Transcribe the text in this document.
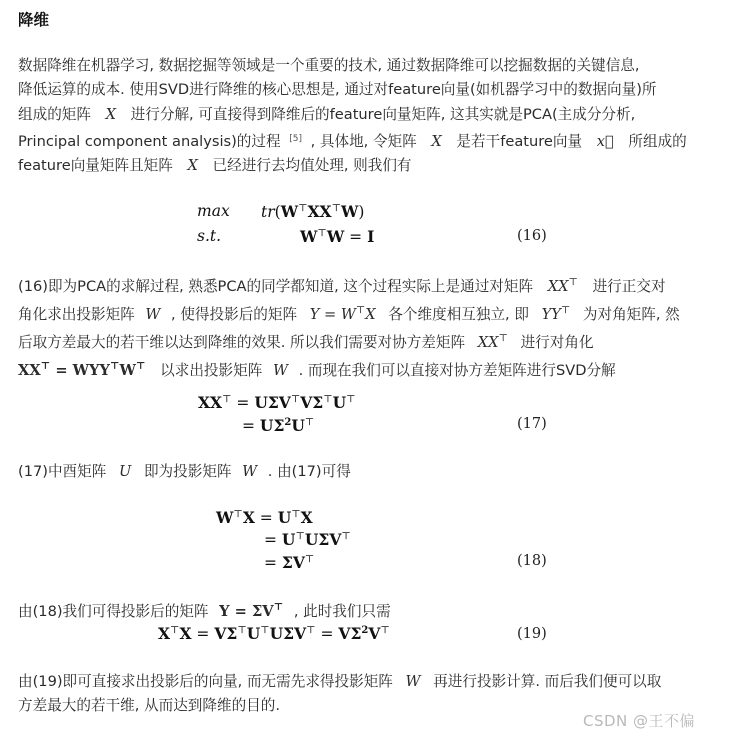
降维
数据降维在机器学习, 数据挖掘等领域是一个重要的技术, 通过数据降维可以挖掘数据的关键信息,
降低运算的成本. 使用SVD进行降维的核心思想是, 通过对feature向量(如机器学习中的数据向量)所
组成的矩阵 X 进行分解, 可直接得到降维后的feature向量矩阵, 这其实就是PCA(主成分分析,
Principal component analysis)的过程 [5] , 具体地, 令矩阵 X 是若干feature向量 x⃗ 所组成的
feature向量矩阵且矩阵 X 已经进行去均值处理, 则我们有
max tr(W⊤XX⊤W)
s.t.	W⊤W = I	(16)
(16)即为PCA的求解过程, 熟悉PCA的同学都知道, 这个过程实际上是通过对矩阵 XX⊤ 进行正交对
角化求出投影矩阵 W , 使得投影后的矩阵 Y = W⊤X 各个维度相互独立, 即 YY⊤ 为对角矩阵, 然
后取方差最大的若干维以达到降维的效果. 所以我们需要对协方差矩阵 XX⊤ 进行对角化
XX⊤ = WYY⊤W⊤ 以求出投影矩阵 W . 而现在我们可以直接对协方差矩阵进行SVD分解
XX⊤ = UΣV⊤VΣ⊤U⊤
= $U\Sigma^2U^⊤$	(17)
(17)中酉矩阵 U 即为投影矩阵 W . 由(17)可得
W⊤X = U⊤X
= U⊤UΣV⊤
= ΣV⊤	(18)
由(18)我们可得投影后的矩阵 Y = ΣV⊤ , 此时我们只需
$X^⊤X = V\Sigma^⊤U^⊤U\Sigma V^⊤ = V\Sigma^2V^⊤$	(19)
由(19)即可直接求出投影后的向量, 而无需先求得投影矩阵 W 再进行投影计算. 而后我们便可以取
方差最大的若干维, 从而达到降维的目的.
CSDN @王不偏
